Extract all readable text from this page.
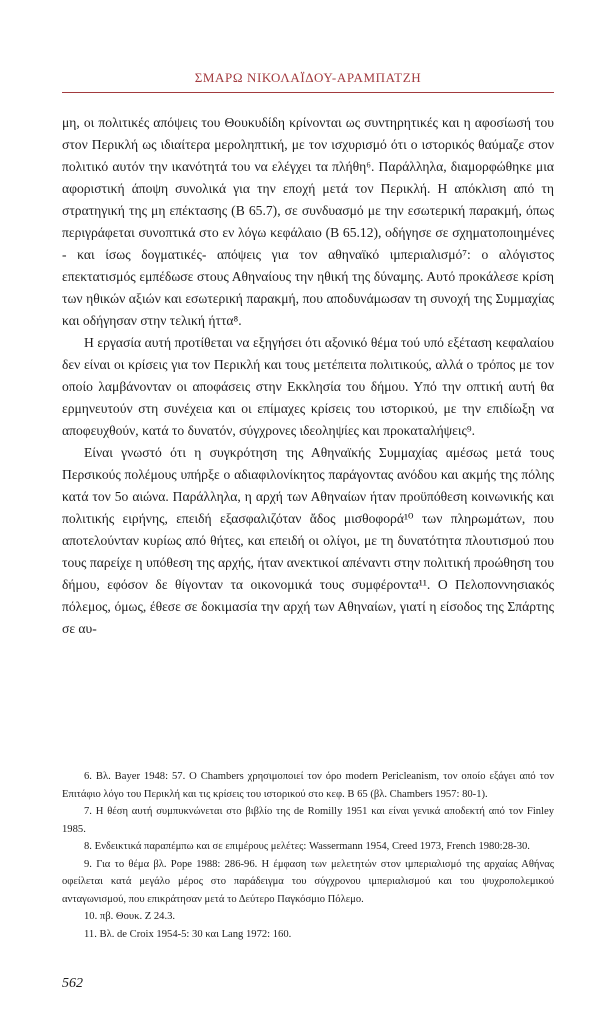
ΣΜΑΡΩ ΝΙΚΟΛΑΪΔΟΥ-ΑΡΑΜΠΑΤΖΗ

μη, οι πολιτικές απόψεις του Θουκυδίδη κρίνονται ως συντηρητικές και η αφοσίωσή του στον Περικλή ως ιδιαίτερα μεροληπτική, με τον ισχυρισμό ότι ο ιστορικός θαύμαζε στον πολιτικό αυτόν την ικανότητά του να ελέγχει τα πλήθη⁶. Παράλληλα, διαμορφώθηκε μια αφοριστική άποψη συνολικά για την εποχή μετά τον Περικλή. Η απόκλιση από τη στρατηγική της μη επέκτασης (Β 65.7), σε συνδυασμό με την εσωτερική παρακμή, όπως περιγράφεται συνοπτικά στο εν λόγω κεφάλαιο (Β 65.12), οδήγησε σε σχηματοποιημένες - και ίσως δογματικές- απόψεις για τον αθηναϊκό ιμπεριαλισμό⁷: ο αλόγιστος επεκτατισμός εμπέδωσε στους Αθηναίους την ηθική της δύναμης. Αυτό προκάλεσε κρίση των ηθικών αξιών και εσωτερική παρακμή, που αποδυνάμωσαν τη συνοχή της Συμμαχίας και οδήγησαν στην τελική ήττα⁸.

Η εργασία αυτή προτίθεται να εξηγήσει ότι αξονικό θέμα τού υπό εξέταση κεφαλαίου δεν είναι οι κρίσεις για τον Περικλή και τους μετέπειτα πολιτικούς, αλλά ο τρόπος με τον οποίο λαμβάνονταν οι αποφάσεις στην Εκκλησία του δήμου. Υπό την οπτική αυτή θα ερμηνευτούν στη συνέχεια και οι επίμαχες κρίσεις του ιστορικού, με την επιδίωξη να αποφευχθούν, κατά το δυνατόν, σύγχρονες ιδεοληψίες και προκαταλήψεις⁹.

Είναι γνωστό ότι η συγκρότηση της Αθηναϊκής Συμμαχίας αμέσως μετά τους Περσικούς πολέμους υπήρξε ο αδιαφιλονίκητος παράγοντας ανόδου και ακμής της πόλης κατά τον 5ο αιώνα. Παράλληλα, η αρχή των Αθηναίων ήταν προϋπόθεση κοινωνικής και πολιτικής ειρήνης, επειδή εξασφαλιζόταν ἄδος μισθοφορά¹⁰ των πληρωμάτων, που αποτελούνταν κυρίως από θήτες, και επειδή οι ολίγοι, με τη δυνατότητα πλουτισμού που τους παρείχε η υπόθεση της αρχής, ήταν ανεκτικοί απέναντι στην πολιτική προώθηση του δήμου, εφόσον δε θίγονταν τα οικονομικά τους συμφέροντα¹¹. Ο Πελοποννησιακός πόλεμος, όμως, έθεσε σε δοκιμασία την αρχή των Αθηναίων, γιατί η είσοδος της Σπάρτης σε αυ-

6. Βλ. Bayer 1948: 57. O Chambers χρησιμοποιεί τον όρο modern Pericleanism, τον οποίο εξάγει από τον Επιτάφιο λόγο του Περικλή και τις κρίσεις του ιστορικού στο κεφ. Β 65 (βλ. Chambers 1957: 80-1).

7. Η θέση αυτή συμπυκνώνεται στο βιβλίο της de Romilly 1951 και είναι γενικά αποδεκτή από τον Finley 1985.

8. Ενδεικτικά παραπέμπω και σε επιμέρους μελέτες: Wassermann 1954, Creed 1973, French 1980:28-30.

9. Για το θέμα βλ. Pope 1988: 286-96. Η έμφαση των μελετητών στον ιμπεριαλισμό της αρχαίας Αθήνας οφείλεται κατά μεγάλο μέρος στο παράδειγμα του σύγχρονου ιμπεριαλισμού και του ψυχροπολεμικού ανταγωνισμού, που επικράτησαν μετά το Δεύτερο Παγκόσμιο Πόλεμο.

10. πβ. Θουκ. Ζ 24.3.

11. Βλ. de Croix 1954-5: 30 και Lang 1972: 160.

562
